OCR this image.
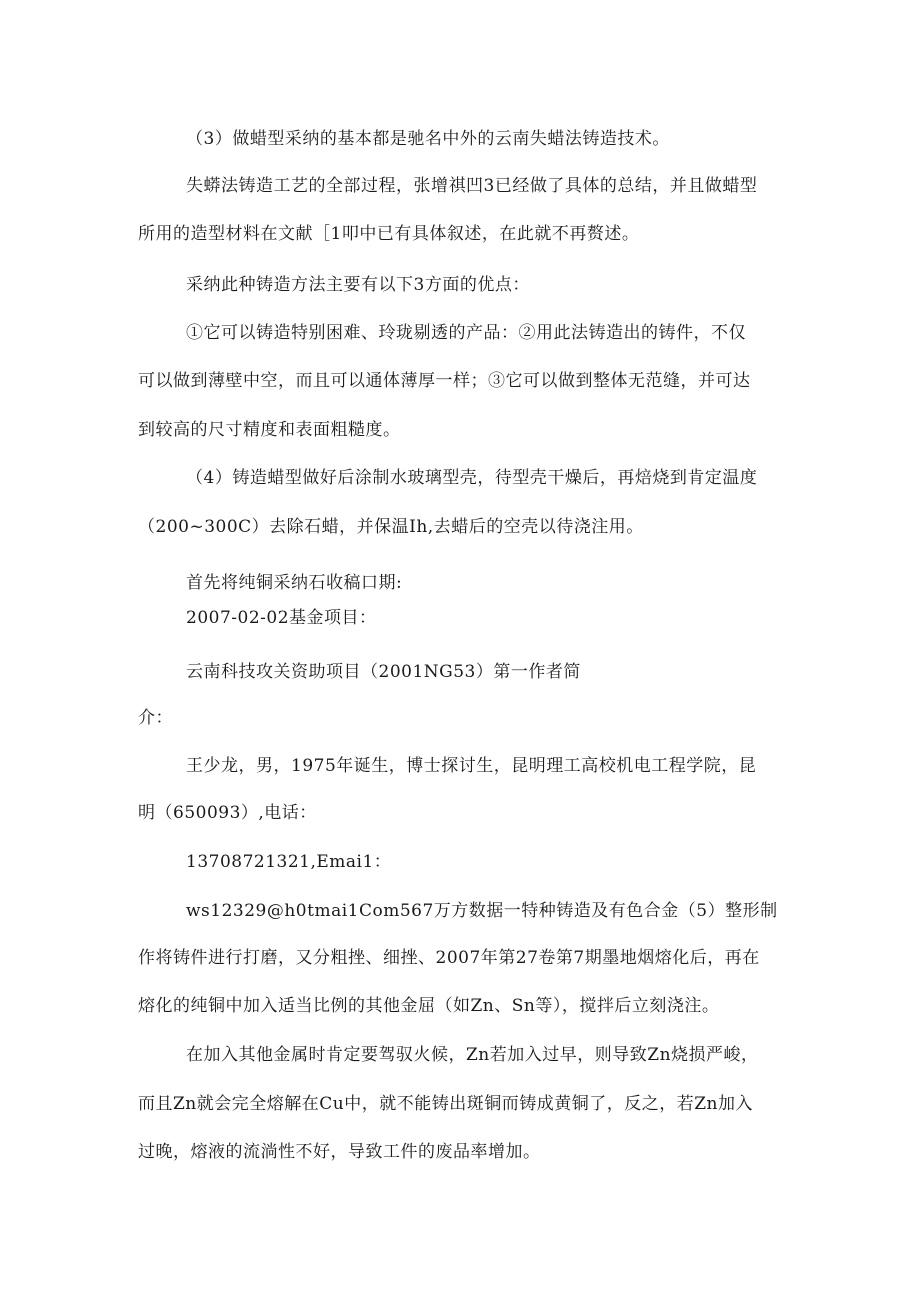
（3）做蜡型采纳的基本都是驰名中外的云南失蜡法铸造技术。
失蟒法铸造工艺的全部过程，张增祺凹3已经做了具体的总结，并且做蜡型
所用的造型材料在文献［1叩中已有具体叙述，在此就不再赘述。
采纳此种铸造方法主要有以下3方面的优点：
①它可以铸造特别困难、玲珑剔透的产品：②用此法铸造出的铸件，不仅
可以做到薄壁中空，而且可以通体薄厚一样；③它可以做到整体无范缝，并可达
到较高的尺寸精度和表面粗糙度。
（4）铸造蜡型做好后涂制水玻璃型壳，待型壳干燥后，再焙烧到肯定温度
（200~300C）去除石蜡，并保温Ih,去蜡后的空壳以待浇注用。
首先将纯铜采纳石收稿口期:
2007-02-02基金项目：
云南科技攻关资助项目（2001NG53）第一作者简
介：
王少龙，男，1975年诞生，博士探讨生，昆明理工高校机电工程学院，昆
明（650093）,电话：
13708721321,Emai1：
ws12329@h0tmai1Com567万方数据一特种铸造及有色合金（5）整形制
作将铸件进行打磨，又分粗挫、细挫、2007年第27卷第7期墨地烟熔化后，再在
熔化的纯铜中加入适当比例的其他金屈（如Zn、Sn等），搅拌后立刻浇注。
在加入其他金属时肯定要驾驭火候，Zn若加入过早，则导致Zn烧损严峻，
而且Zn就会完全熔解在Cu中，就不能铸出斑铜而铸成黄铜了，反之，若Zn加入
过晚，熔液的流淌性不好，导致工件的废品率增加。
